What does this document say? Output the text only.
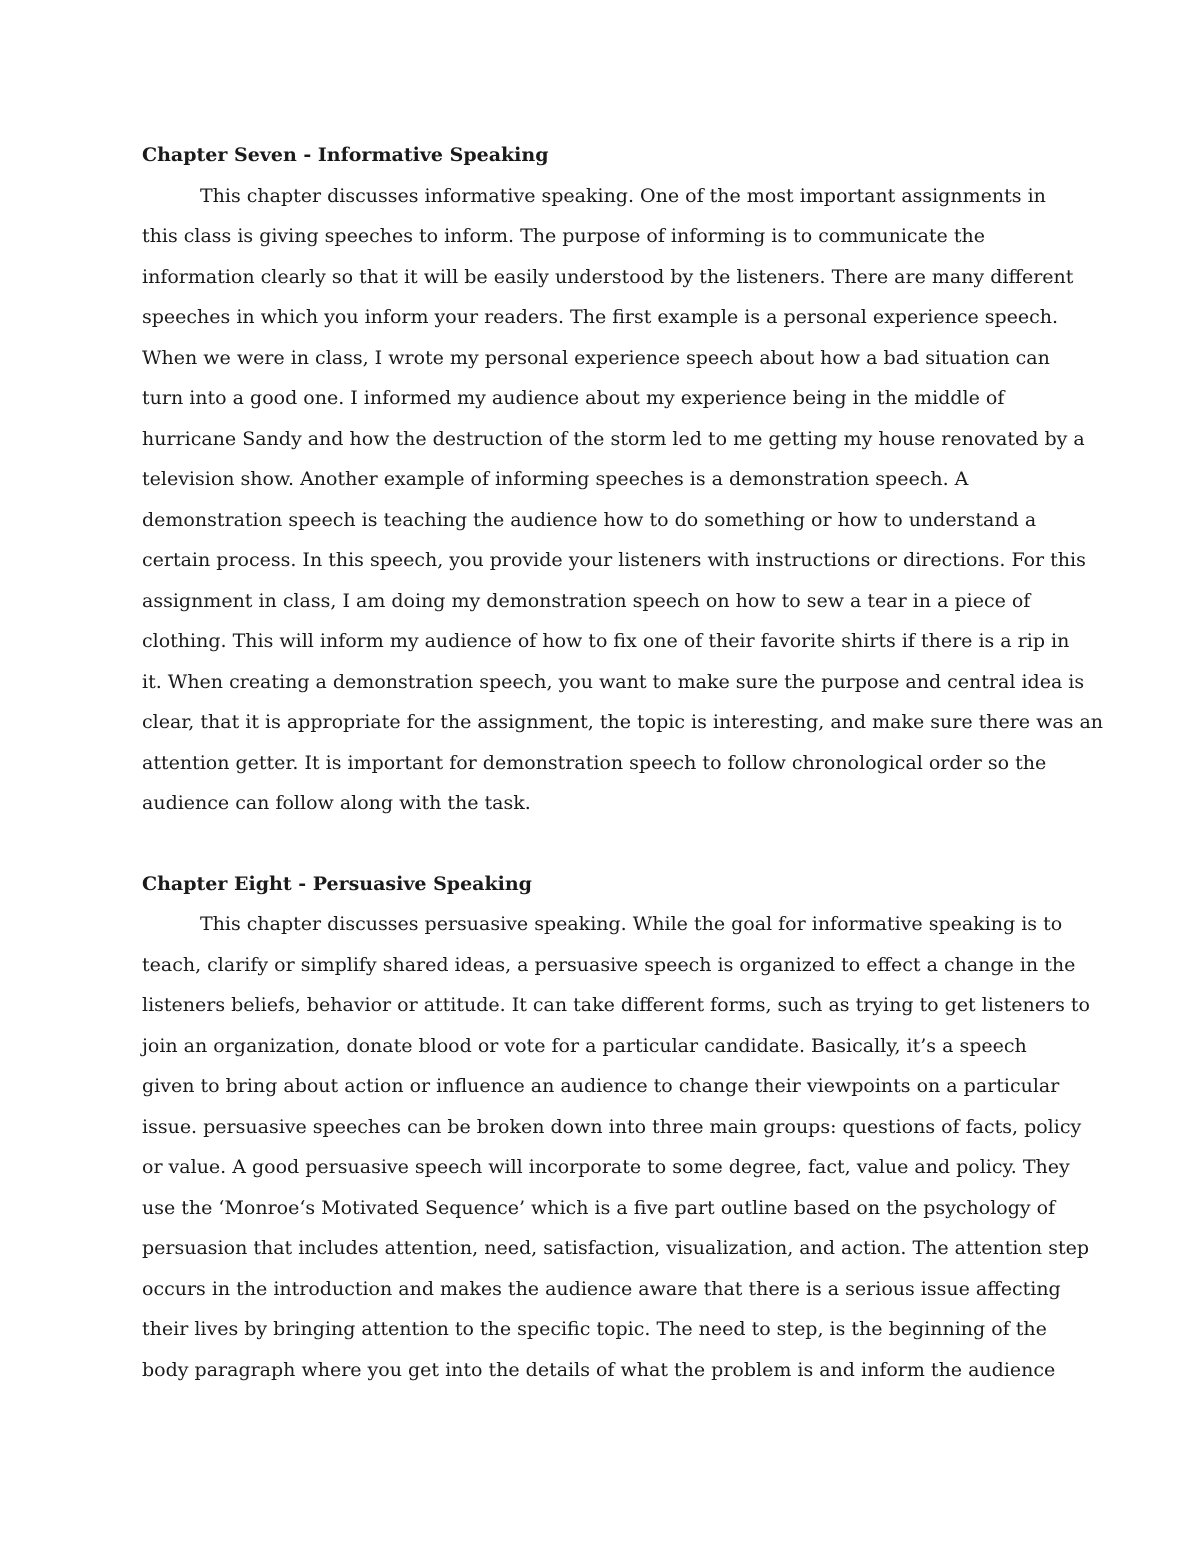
Chapter Seven - Informative Speaking

This chapter discusses informative speaking. One of the most important assignments in

this class is giving speeches to inform. The purpose of informing is to communicate the

information clearly so that it will be easily understood by the listeners. There are many different

speeches in which you inform your readers. The first example is a personal experience speech.

When we were in class, I wrote my personal experience speech about how a bad situation can

turn into a good one. I informed my audience about my experience being in the middle of

hurricane Sandy and how the destruction of the storm led to me getting my house renovated by a

television show. Another example of informing speeches is a demonstration speech. A

demonstration speech is teaching the audience how to do something or how to understand a

certain process. In this speech, you provide your listeners with instructions or directions. For this

assignment in class, I am doing my demonstration speech on how to sew a tear in a piece of

clothing. This will inform my audience of how to fix one of their favorite shirts if there is a rip in

it. When creating a demonstration speech, you want to make sure the purpose and central idea is

clear, that it is appropriate for the assignment, the topic is interesting, and make sure there was an

attention getter. It is important for demonstration speech to follow chronological order so the

audience can follow along with the task.

Chapter Eight - Persuasive Speaking

This chapter discusses persuasive speaking. While the goal for informative speaking is to

teach, clarify or simplify shared ideas, a persuasive speech is organized to effect a change in the

listeners beliefs, behavior or attitude. It can take different forms, such as trying to get listeners to

join an organization, donate blood or vote for a particular candidate. Basically, it’s a speech

given to bring about action or influence an audience to change their viewpoints on a particular

issue. persuasive speeches can be broken down into three main groups: questions of facts, policy

or value. A good persuasive speech will incorporate to some degree, fact, value and policy. They

use the ‘Monroe‘s Motivated Sequence’ which is a five part outline based on the psychology of

persuasion that includes attention, need, satisfaction, visualization, and action. The attention step

occurs in the introduction and makes the audience aware that there is a serious issue affecting

their lives by bringing attention to the specific topic. The need to step, is the beginning of the

body paragraph where you get into the details of what the problem is and inform the audience
